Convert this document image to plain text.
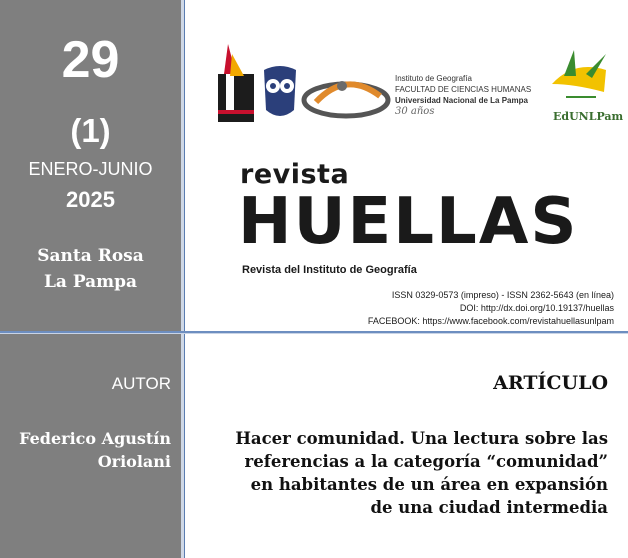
29
(1)
ENERO-JUNIO
2025
Santa Rosa
La Pampa
AUTOR
Federico Agustín
Oriolani
Instituto de Geografía
FACULTAD DE CIENCIAS HUMANAS
Universidad Nacional de La Pampa
30 años	EdUNLPam
revista
HUELLAS
Revista del Instituto de Geografía
ISSN 0329-0573 (impreso) - ISSN 2362-5643 (en línea)
DOI: http://dx.doi.org/10.19137/huellas
FACEBOOK: https://www.facebook.com/revistahuellasunlpam
ARTÍCULO
Hacer comunidad. Una lectura sobre las
referencias a la categoría “comunidad”
en habitantes de un área en expansión
de una ciudad intermedia
